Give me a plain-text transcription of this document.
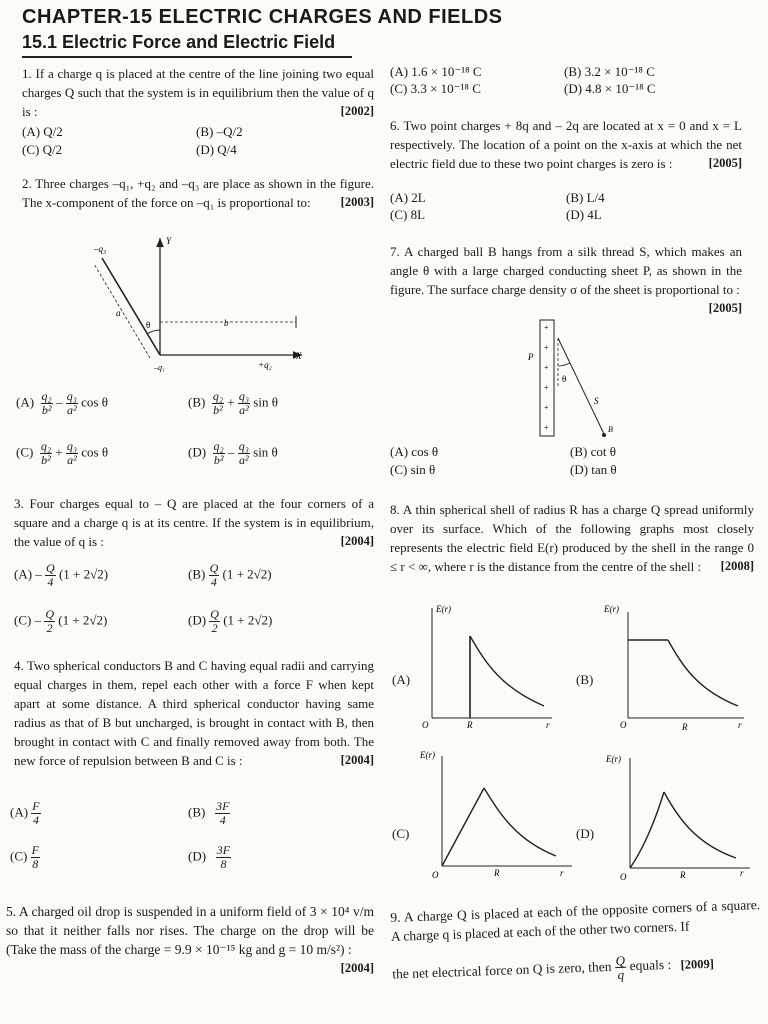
CHAPTER-15 ELECTRIC CHARGES AND FIELDS
15.1 Electric Force and Electric Field
1. If a charge q is placed at the centre of the line joining two equal charges Q such that the system is in equilibrium then the value of q is :	[2002]
(A) Q/2	(B) –Q/2
(C) Q/2	(D) Q/4
2. Three charges –q₁, +q₂ and –q₃ are place as shown in the figure. The x-component of the force on –q₁ is proportional to: [2003]
–q₃
Y
a
b
θ
–q₁	+q₂
X
$(A) \frac{\text{q₂}}{\text{b²}} - \frac{\text{q₃}}{\text{a²}}$ cos θ	$(B) \frac{\text{q₂}}{\text{b²}} + \frac{\text{q₃}}{\text{a²}}$ sin θ
$(C) \frac{\text{q₂}}{\text{b²}} + \frac{\text{q₃}}{\text{a²}}$ cos θ	$(D) \frac{\text{q₂}}{\text{b²}} - \frac{\text{q₃}}{\text{a²}}$ sin θ
3. Four charges equal to – Q are placed at the four corners of a square and a charge q is at its centre. If the system is in equilibrium, the value of q is :	[2004]
$(A) - \frac{Q}{4} (1 + 2√2)$	$(B) \frac{Q}{4} (1 + 2√2)$
$(C) - \frac{Q}{2} (1 + 2√2)$	$(D) \frac{Q}{2} (1 + 2√2)$
4. Two spherical conductors B and C having equal radii and carrying equal charges in them, repel each other with a force F when kept apart at some distance. A third spherical conductor having same radius as that of B but uncharged, is brought in contact with B, then brought in contact with C and finally removed away from both. The new force of repulsion between B and C is :	[2004]
$(A) \frac{F}{4}$	$(B) \frac{3F}{4}$
$(C) \frac{F}{8}$	$(D) \frac{3F}{8}$
5. A charged oil drop is suspended in a uniform field of 3 × 10⁴ v/m so that it neither falls nor rises. The charge on the drop will be (Take the mass of the charge = 9.9 × 10⁻¹⁵ kg and g = 10 m/s²) :
[2004]
(A) 1.6 × 10⁻¹⁸ C	(B) 3.2 × 10⁻¹⁸ C
(C) 3.3 × 10⁻¹⁸ C	(D) 4.8 × 10⁻¹⁸ C
6. Two point charges + 8q and – 2q are located at x = 0 and x = L respectively. The location of a point on the x-axis at which the net electric field due to these two point charges is zero is :	[2005]
(A) 2L	(B) L/4
(C) 8L	(D) 4L
7. A charged ball B hangs from a silk thread S, which makes an angle θ with a large charged conducting sheet P, as shown in the figure. The surface charge density σ of the sheet is proportional to :
[2005]
+
+
+
+
+
+
P
θ
S
B
(A) cos θ	(B) cot θ
(C) sin θ	(D) tan θ
8. A thin spherical shell of radius R has a charge Q spread uniformly over its surface. Which of the following graphs most closely represents the electric field E(r) produced by the shell in the range 0 ≤ r < ∞, where r is the distance from the centre of the shell : [2008]
(A)	(B)
(C)	(D)
E(r)
O	R	r
E(r)
O	R	r
E(r)
O	R	r
E(r)
O	R	r
9. A charge Q is placed at each of the opposite corners of a square. A charge q is placed at each of the other two corners. If
the net electrical force on Q is zero, then $\frac{Q}{q}$ equals : [2009]
